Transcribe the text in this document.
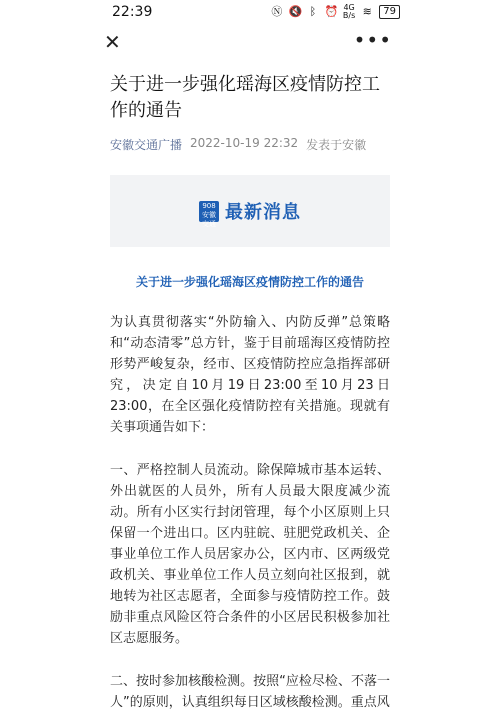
22:39	Ⓝ 🔇 ᛒ ⏰ 4G
B/s ≋	79
✕	•••
关于进一步强化瑶海区疫情防控工作的通告
安徽交通广播 2022-10-19 22:32 发表于安徽
908 安徽交通
最新消息
关于进一步强化瑶海区疫情防控工作的通告
为认真贯彻落实“外防输入、内防反弹”总策略和“动态清零”总方针，鉴于目前瑶海区疫情防控形势严峻复杂，经市、区疫情防控应急指挥部研究，决定自10月19日23:00至10月23日23:00，在全区强化疫情防控有关措施。现就有关事项通告如下：
一、严格控制人员流动。除保障城市基本运转、外出就医的人员外，所有人员最大限度减少流动。所有小区实行封闭管理，每个小区原则上只保留一个进出口。区内驻皖、驻肥党政机关、企事业单位工作人员居家办公，区内市、区两级党政机关、事业单位工作人员立刻向社区报到，就地转为社区志愿者，全面参与疫情防控工作。鼓励非重点风险区符合条件的小区居民积极参加社区志愿服务。
二、按时参加核酸检测。按照“应检尽检、不落一人”的原则，认真组织每日区域核酸检测。重点风
